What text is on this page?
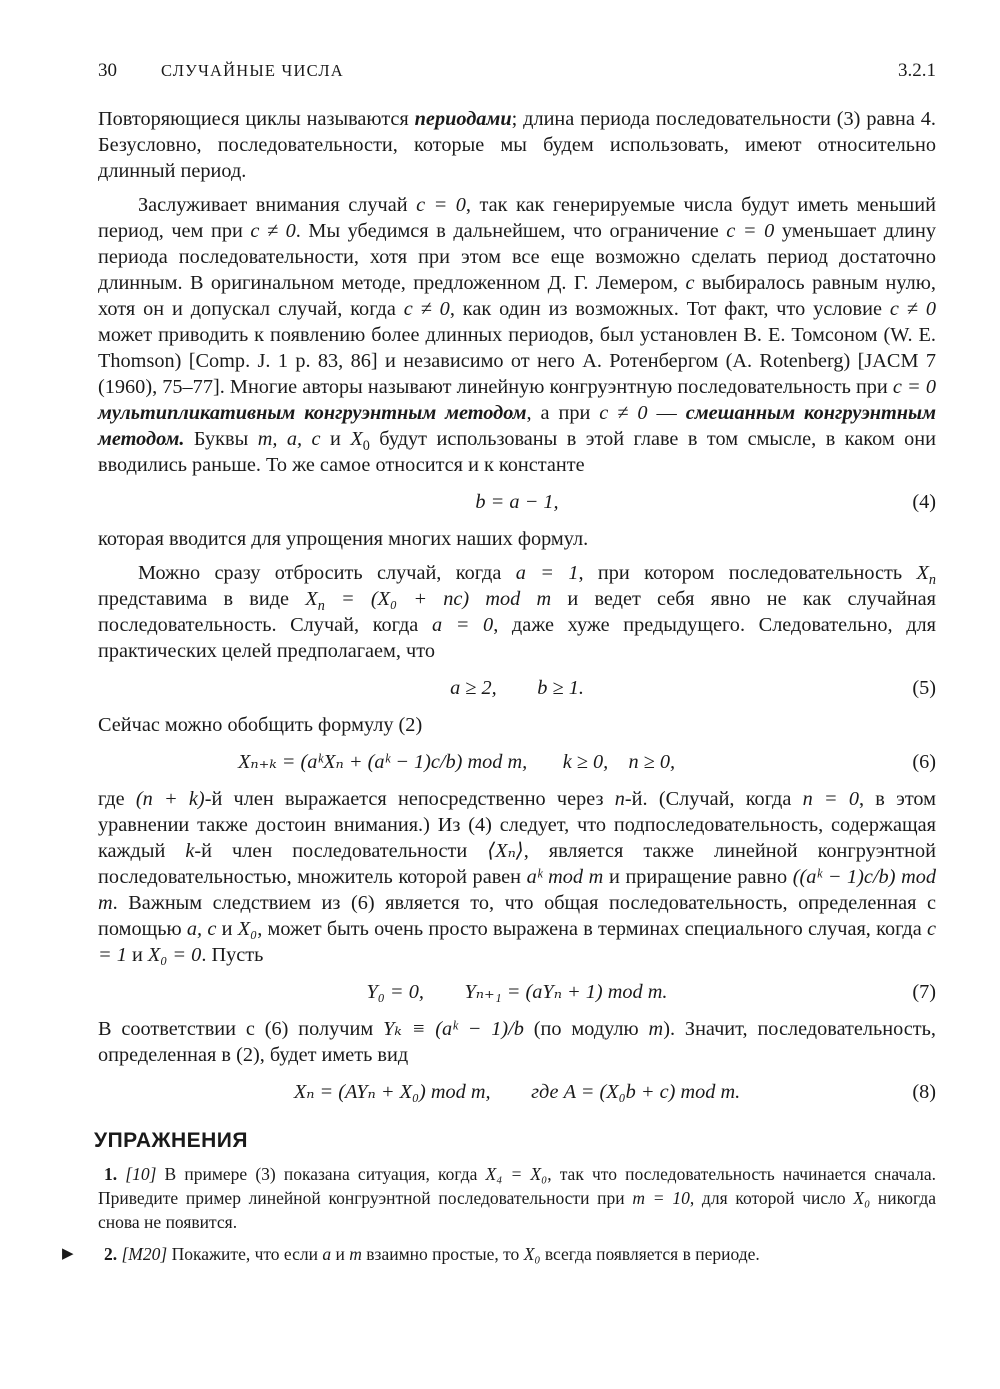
30	СЛУЧАЙНЫЕ ЧИСЛА	3.2.1

Повторяющиеся циклы называются периодами; длина периода последовательности (3) равна 4. Безусловно, последовательности, которые мы будем использовать, имеют относительно длинный период.

Заслуживает внимания случай c = 0, так как генерируемые числа будут иметь меньший период, чем при c ≠ 0. Мы убедимся в дальнейшем, что ограничение c = 0 уменьшает длину периода последовательности, хотя при этом все еще возможно сделать период достаточно длинным. В оригинальном методе, предложенном Д. Г. Лемером, c выбиралось равным нулю, хотя он и допускал случай, когда c ≠ 0, как один из возможных. Тот факт, что условие c ≠ 0 может приводить к появлению более длинных периодов, был установлен В. Е. Томсоном (W. E. Thomson) [Comp. J. 1 p. 83, 86] и независимо от него А. Ротенбергом (A. Rotenberg) [JACM 7 (1960), 75–77]. Многие авторы называют линейную конгруэнтную последовательность при c = 0 мультипликативным конгруэнтным методом, а при c ≠ 0 — смешанным конгруэнтным методом. Буквы m, a, c и $X_0$ будут использованы в этой главе в том смысле, в каком они вводились раньше. То же самое относится и к константе

b = a − 1,	(4)

которая вводится для упрощения многих наших формул.

Можно сразу отбросить случай, когда a = 1, при котором последовательность $X_n$ представима в виде $X_n = (X_0 + nc)$ mod m и ведет себя явно не как случайная последовательность. Случай, когда a = 0, даже хуже предыдущего. Следовательно, для практических целей предполагаем, что

a ≥ 2,        b ≥ 1.	(5)

Сейчас можно обобщить формулу (2)

Xₙ₊ₖ = (aᵏXₙ + (aᵏ − 1)c/b) mod m,       k ≥ 0,    n ≥ 0,	(6)

где (n + k)-й член выражается непосредственно через n-й. (Случай, когда n = 0, в этом уравнении также достоин внимания.) Из (4) следует, что подпоследовательность, содержащая каждый k-й член последовательности ⟨Xₙ⟩, является также линейной конгруэнтной последовательностью, множитель которой равен aᵏ mod m и приращение равно ((aᵏ − 1)c/b) mod m. Важным следствием из (6) является то, что общая последовательность, определенная с помощью a, c и X₀, может быть очень просто выражена в терминах специального случая, когда c = 1 и X₀ = 0. Пусть

Y₀ = 0,        Yₙ₊₁ = (aYₙ + 1) mod m.	(7)

В соответствии с (6) получим Yₖ ≡ (aᵏ − 1)/b (по модулю m). Значит, последовательность, определенная в (2), будет иметь вид

Xₙ = (AYₙ + X₀) mod m,        где A = (X₀b + c) mod m.	(8)
УПРАЖНЕНИЯ
1. [10] В примере (3) показана ситуация, когда X₄ = X₀, так что последовательность начинается сначала. Приведите пример линейной конгруэнтной последовательности при m = 10, для которой число X₀ никогда снова не появится.
▶ 2. [M20] Покажите, что если a и m взаимно простые, то X₀ всегда появляется в периоде.
